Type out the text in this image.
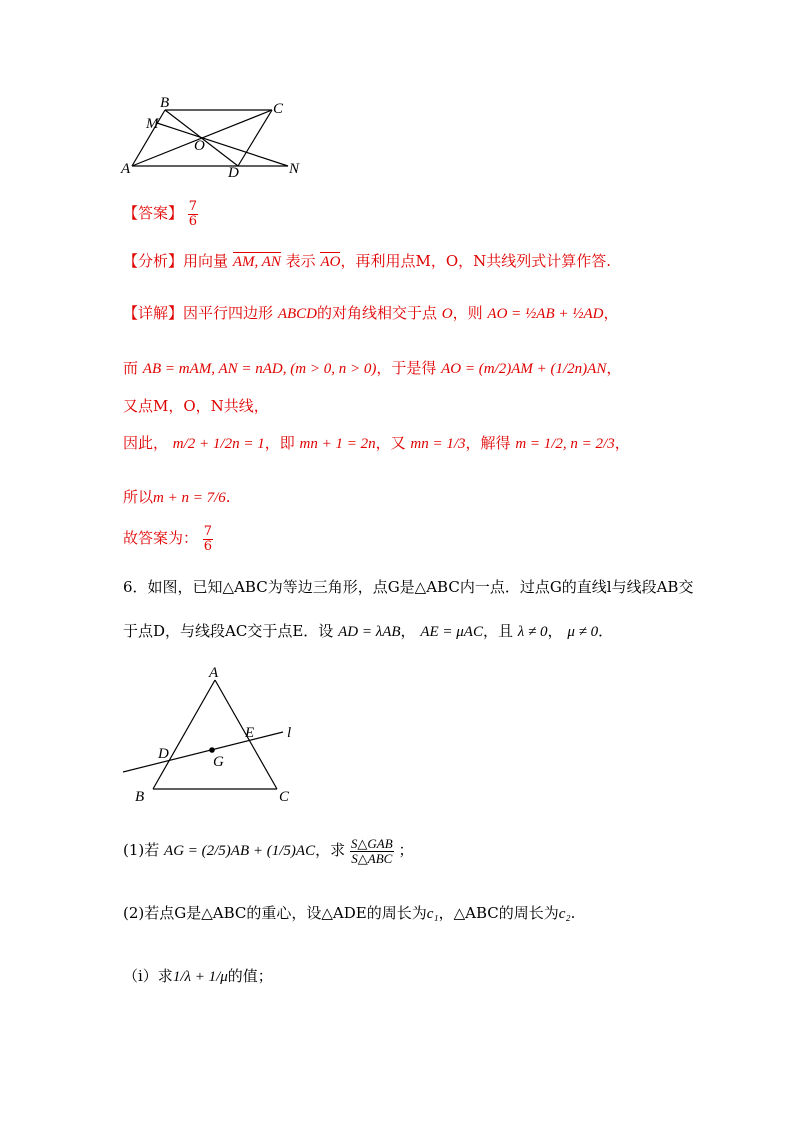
B	C
M
O
A	D	N
【答案】 $\frac{7}{6}$
【分析】用向量 AM, AN 表示 AO，再利用点M，O，N共线列式计算作答.
【详解】因平行四边形 ABCD的对角线相交于点 O，则 AO = ½AB + ½AD，
而 AB = mAM, AN = nAD, (m > 0, n > 0)，于是得 AO = (m/2)AM + (1/2n)AN，
又点M，O，N共线，
因此， m/2 + 1/2n = 1，即 mn + 1 = 2n，又 mn = 1/3，解得 m = 1/2, n = 2/3，
所以m + n = 7/6.
故答案为： $\frac{7}{6}$
6．如图，已知△ABC为等边三角形，点G是△ABC内一点．过点G的直线l与线段AB交
于点D，与线段AC交于点E．设 AD = λAB， AE = μAC，且 λ ≠ 0， μ ≠ 0．
A
B	C
D
E
G
l
(1)若 AG = (2/5)AB + (1/5)AC，求 $\frac{\text{S△GAB}}{\text{S△ABC}}$ ；
(2)若点G是△ABC的重心，设△ADE的周长为c₁，△ABC的周长为c₂.
（i）求1/λ + 1/μ的值；
